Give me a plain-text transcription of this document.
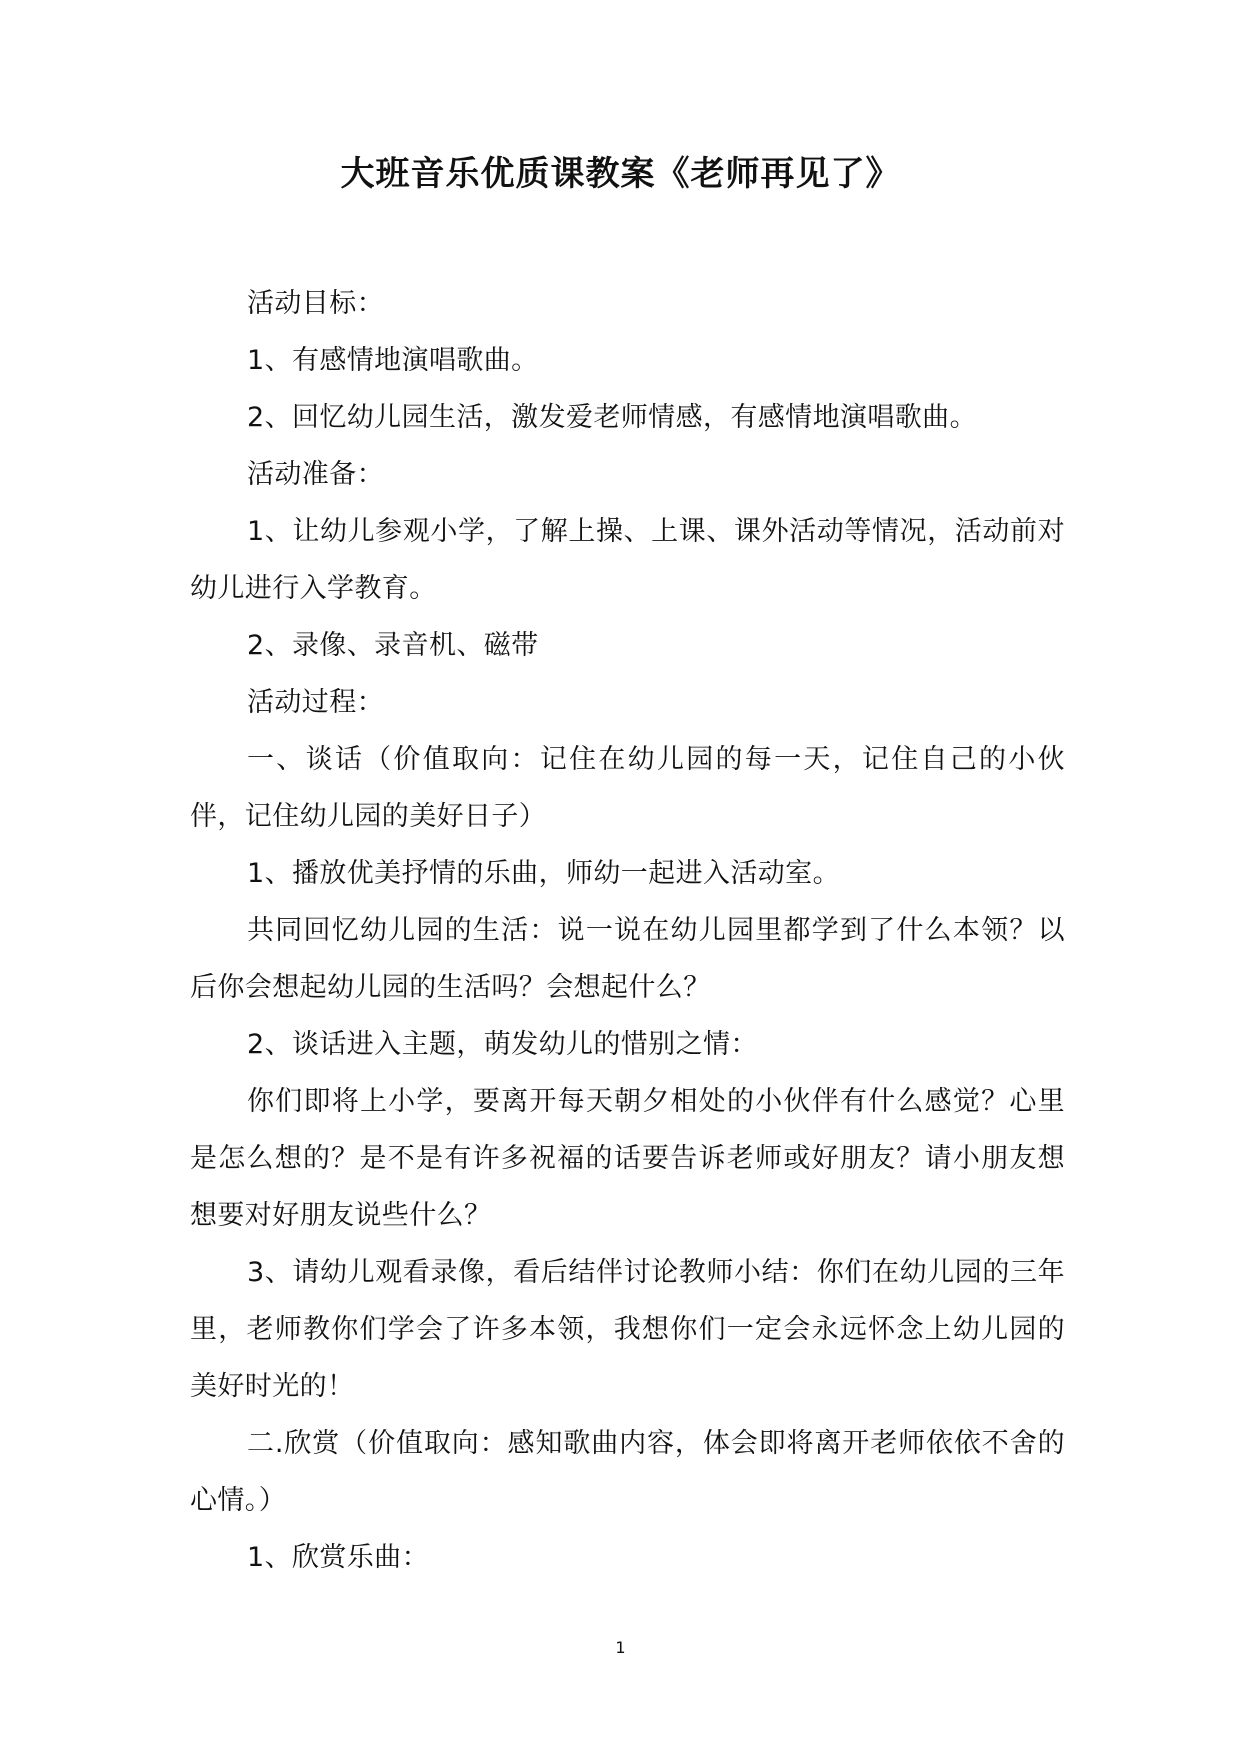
大班音乐优质课教案《老师再见了》

活动目标：

1、有感情地演唱歌曲。

2、回忆幼儿园生活，激发爱老师情感，有感情地演唱歌曲。

活动准备：

1、让幼儿参观小学，了解上操、上课、课外活动等情况，活动前对幼儿进行入学教育。

2、录像、录音机、磁带

活动过程：

一、谈话（价值取向：记住在幼儿园的每一天，记住自己的小伙伴，记住幼儿园的美好日子）

1、播放优美抒情的乐曲，师幼一起进入活动室。

共同回忆幼儿园的生活：说一说在幼儿园里都学到了什么本领？以后你会想起幼儿园的生活吗？会想起什么？

2、谈话进入主题，萌发幼儿的惜别之情：

你们即将上小学，要离开每天朝夕相处的小伙伴有什么感觉？心里是怎么想的？是不是有许多祝福的话要告诉老师或好朋友？请小朋友想想要对好朋友说些什么？

3、请幼儿观看录像，看后结伴讨论教师小结：你们在幼儿园的三年里，老师教你们学会了许多本领，我想你们一定会永远怀念上幼儿园的美好时光的！

二.欣赏（价值取向：感知歌曲内容，体会即将离开老师依依不舍的心情。）

1、欣赏乐曲：

1
